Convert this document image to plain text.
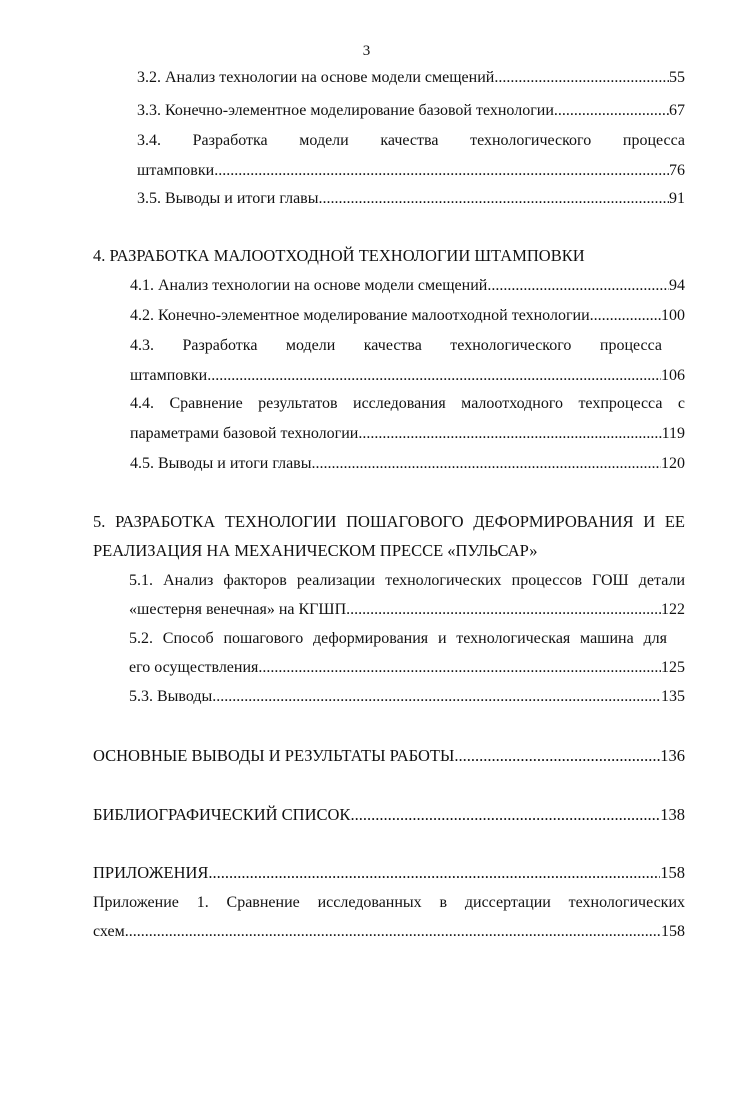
3
3.2. Анализ технологии на основе модели смещений .....	55
3.3. Конечно-элементное моделирование базовой технологии .....	67
3.4. Разработка модели качества технологического процесса
штамповки .....	76
3.5. Выводы и итоги главы .....	91
4. РАЗРАБОТКА МАЛООТХОДНОЙ ТЕХНОЛОГИИ ШТАМПОВКИ
4.1. Анализ технологии на основе модели смещений .....	94
4.2. Конечно-элементное моделирование малоотходной технологии .....	100
4.3. Разработка модели качества технологического процесса
штамповки .....	106
4.4. Сравнение результатов исследования малоотходного техпроцесса с
параметрами базовой технологии .....	119
4.5. Выводы и итоги главы .....	120
5. РАЗРАБОТКА ТЕХНОЛОГИИ ПОШАГОВОГО ДЕФОРМИРОВАНИЯ И ЕЕ
РЕАЛИЗАЦИЯ НА МЕХАНИЧЕСКОМ ПРЕССЕ «ПУЛЬСАР»
5.1. Анализ факторов реализации технологических процессов ГОШ детали
«шестерня венечная» на КГШП .....	122
5.2. Способ пошагового деформирования и технологическая машина для
его осуществления .....	125
5.3. Выводы .....	135
ОСНОВНЫЕ ВЫВОДЫ И РЕЗУЛЬТАТЫ РАБОТЫ .....	136
БИБЛИОГРАФИЧЕСКИЙ СПИСОК .....	138
ПРИЛОЖЕНИЯ .....	158
Приложение 1. Сравнение исследованных в диссертации технологических
схем .....	158
